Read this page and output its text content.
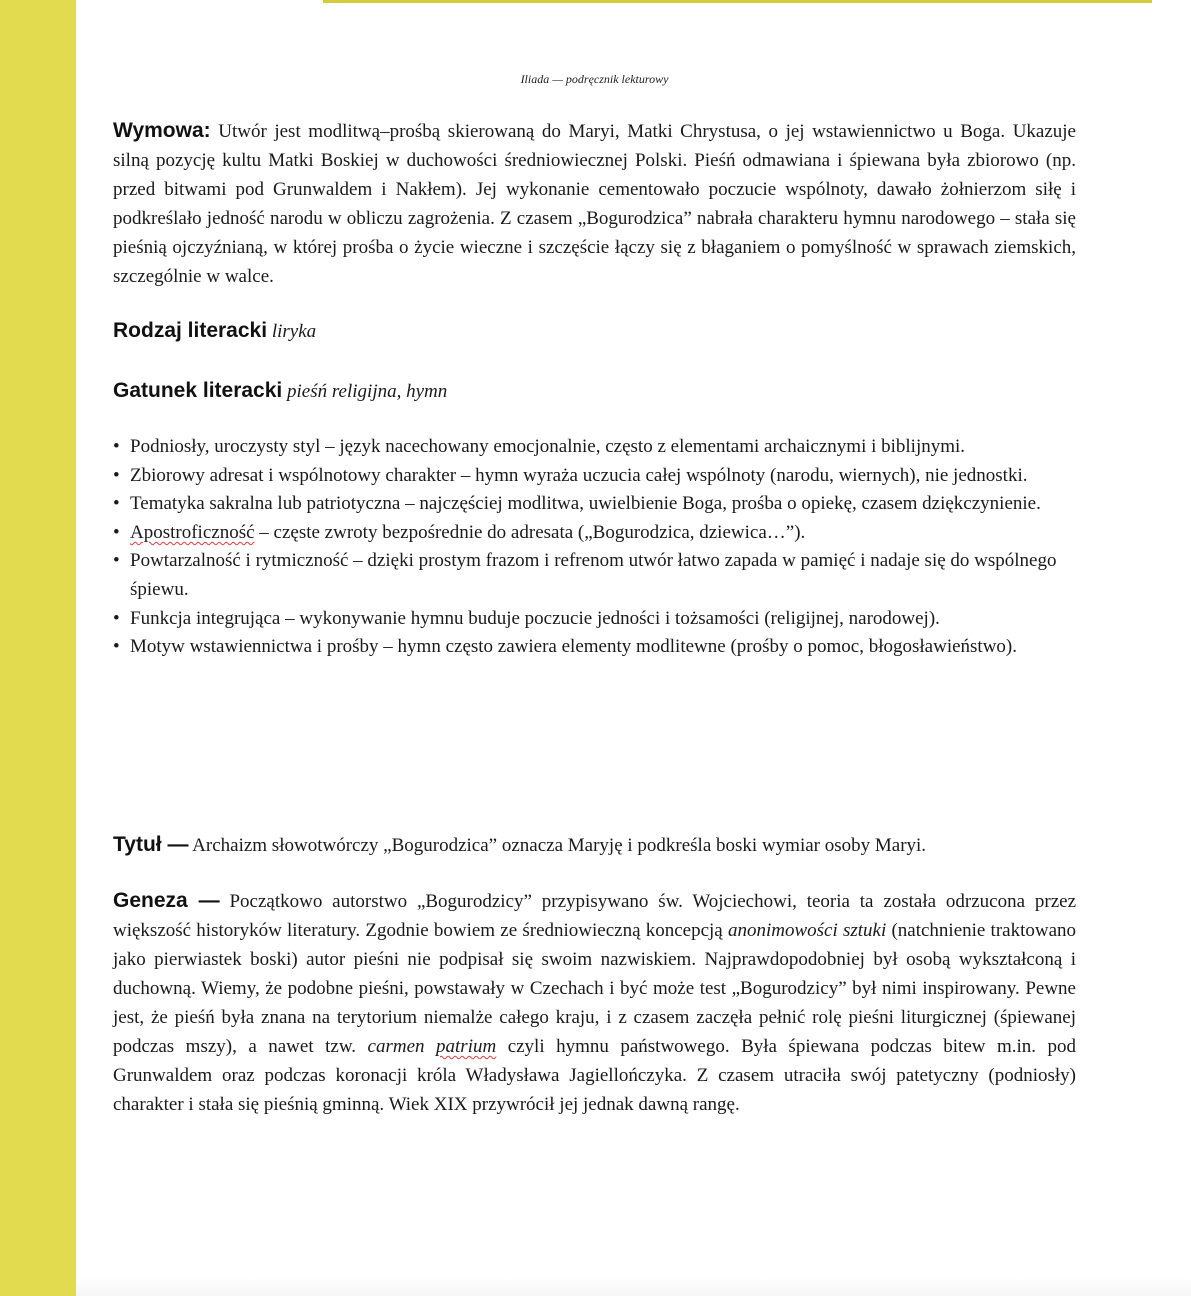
Iliada — podręcznik lekturowy

Wymowa: Utwór jest modlitwą–prośbą skierowaną do Maryi, Matki Chrystusa, o jej wstawiennictwo u Boga. Ukazuje silną pozycję kultu Matki Boskiej w duchowości średniowiecznej Polski. Pieśń odmawiana i śpiewana była zbiorowo (np. przed bitwami pod Grunwaldem i Nakłem). Jej wykonanie cementowało poczucie wspólnoty, dawało żołnierzom siłę i podkreślało jedność narodu w obliczu zagrożenia. Z czasem „Bogurodzica” nabrała charakteru hymnu narodowego – stała się pieśnią ojczyźnianą, w której prośba o życie wieczne i szczęście łączy się z błaganiem o pomyślność w sprawach ziemskich, szczególnie w walce.

Rodzaj literacki liryka
Gatunek literacki pieśń religijna, hymn
• Podniosły, uroczysty styl – język nacechowany emocjonalnie, często z elementami archaicznymi i biblijnymi.
• Zbiorowy adresat i wspólnotowy charakter – hymn wyraża uczucia całej wspólnoty (narodu, wiernych), nie jednostki.
• Tematyka sakralna lub patriotyczna – najczęściej modlitwa, uwielbienie Boga, prośba o opiekę, czasem dziękczynienie.
• Apostroficzność – częste zwroty bezpośrednie do adresata („Bogurodzica, dziewica…”).
• Powtarzalność i rytmiczność – dzięki prostym frazom i refrenom utwór łatwo zapada w pamięć i nadaje się do wspólnego śpiewu.
• Funkcja integrująca – wykonywanie hymnu buduje poczucie jedności i tożsamości (religijnej, narodowej).
• Motyw wstawiennictwa i prośby – hymn często zawiera elementy modlitewne (prośby o pomoc, błogosławieństwo).

Tytuł — Archaizm słowotwórczy „Bogurodzica” oznacza Maryję i podkreśla boski wymiar osoby Maryi.

Geneza — Początkowo autorstwo „Bogurodzicy” przypisywano św. Wojciechowi, teoria ta została odrzucona przez większość historyków literatury. Zgodnie bowiem ze średniowieczną koncepcją anonimowości sztuki (natchnienie traktowano jako pierwiastek boski) autor pieśni nie podpisał się swoim nazwiskiem. Najprawdopodobniej był osobą wykształconą i duchowną. Wiemy, że podobne pieśni, powstawały w Czechach i być może test „Bogurodzicy” był nimi inspirowany. Pewne jest, że pieśń była znana na terytorium niemalże całego kraju, i z czasem zaczęła pełnić rolę pieśni liturgicznej (śpiewanej podczas mszy), a nawet tzw. carmen patrium czyli hymnu państwowego. Była śpiewana podczas bitew m.in. pod Grunwaldem oraz podczas koronacji króla Władysława Jagiellończyka. Z czasem utraciła swój patetyczny (podniosły) charakter i stała się pieśnią gminną. Wiek XIX przywrócił jej jednak dawną rangę.
